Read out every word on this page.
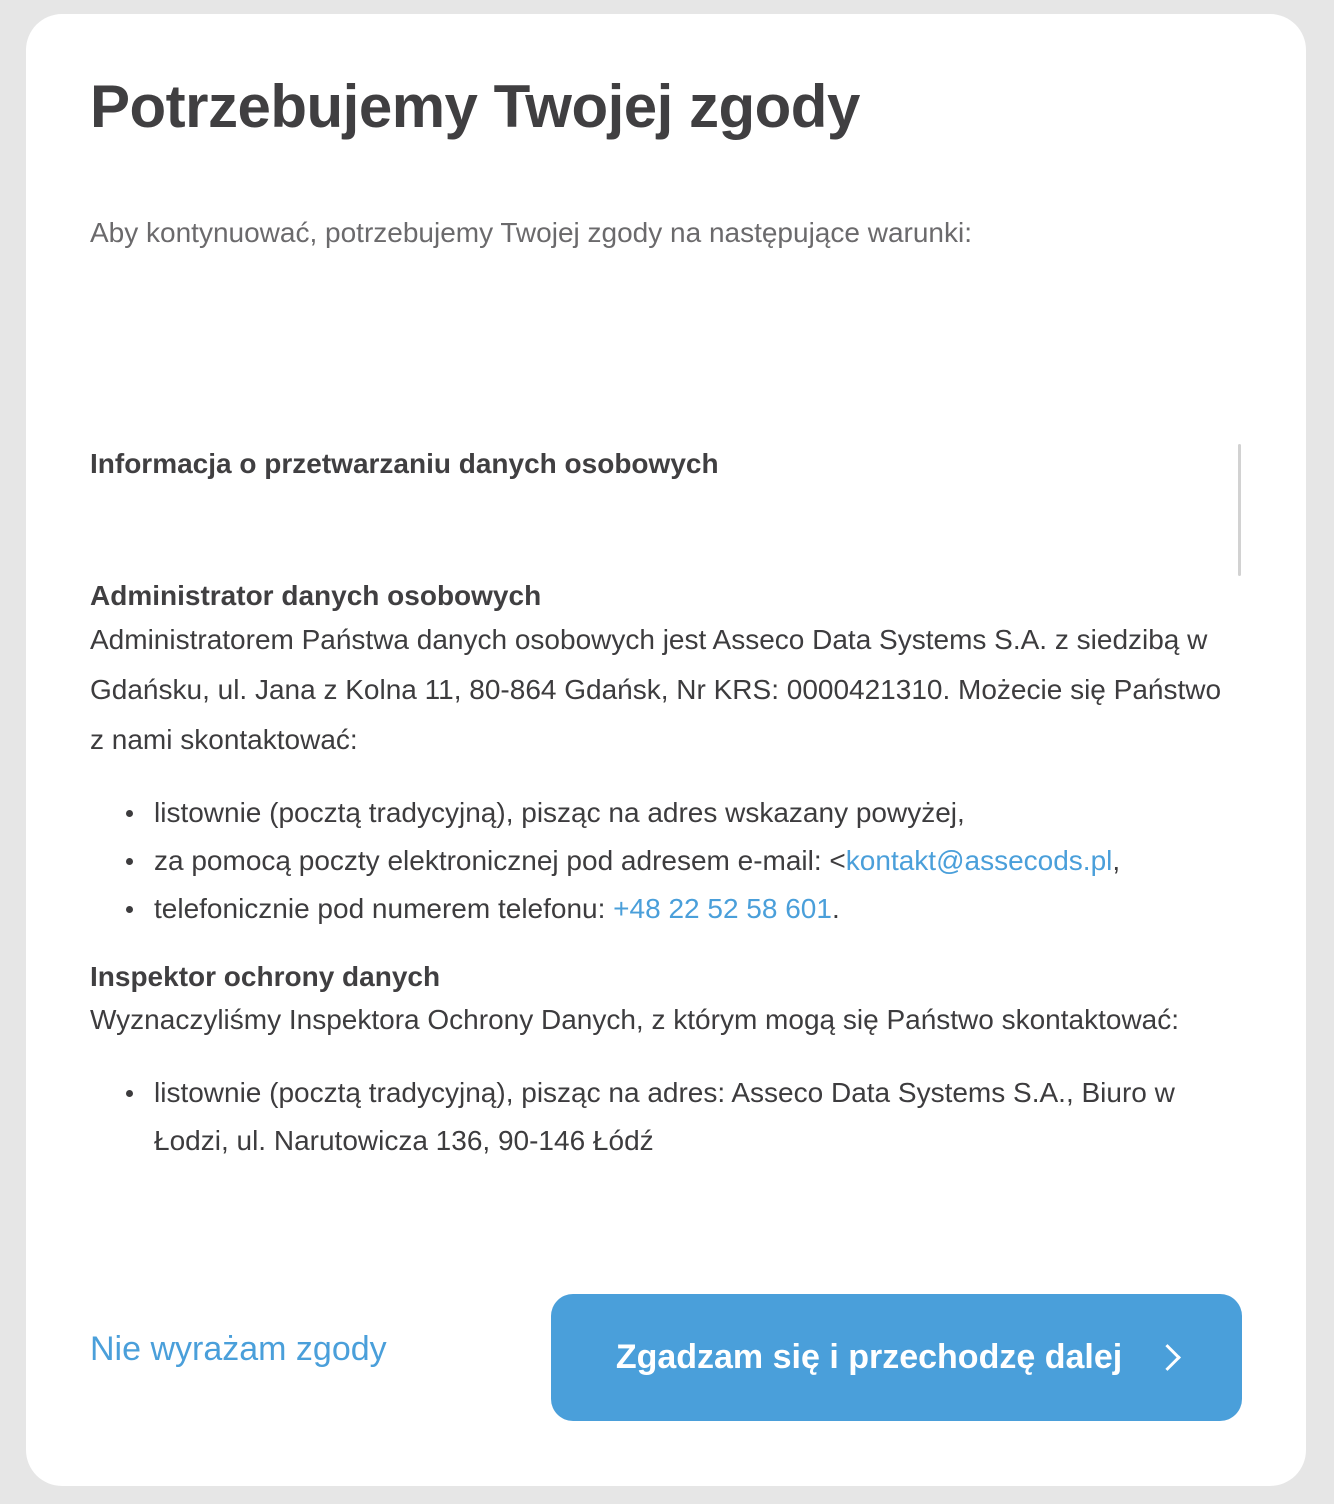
Potrzebujemy Twojej zgody

Aby kontynuować, potrzebujemy Twojej zgody na następujące warunki:

Informacja o przetwarzaniu danych osobowych
Administrator danych osobowych

Administratorem Państwa danych osobowych jest Asseco Data Systems S.A. z siedzibą w Gdańsku, ul. Jana z Kolna 11, 80-864 Gdańsk, Nr KRS: 0000421310. Możecie się Państwo z nami skontaktować:

listownie (pocztą tradycyjną), pisząc na adres wskazany powyżej,
za pomocą poczty elektronicznej pod adresem e-mail: <kontakt@assecods.pl,
telefonicznie pod numerem telefonu: +48 22 52 58 601.
Inspektor ochrony danych

Wyznaczyliśmy Inspektora Ochrony Danych, z którym mogą się Państwo skontaktować:

listownie (pocztą tradycyjną), pisząc na adres: Asseco Data Systems S.A., Biuro w Łodzi, ul. Narutowicza 136, 90-146 Łódź
Nie wyrażam zgody	Zgadzam się i przechodzę dalej
